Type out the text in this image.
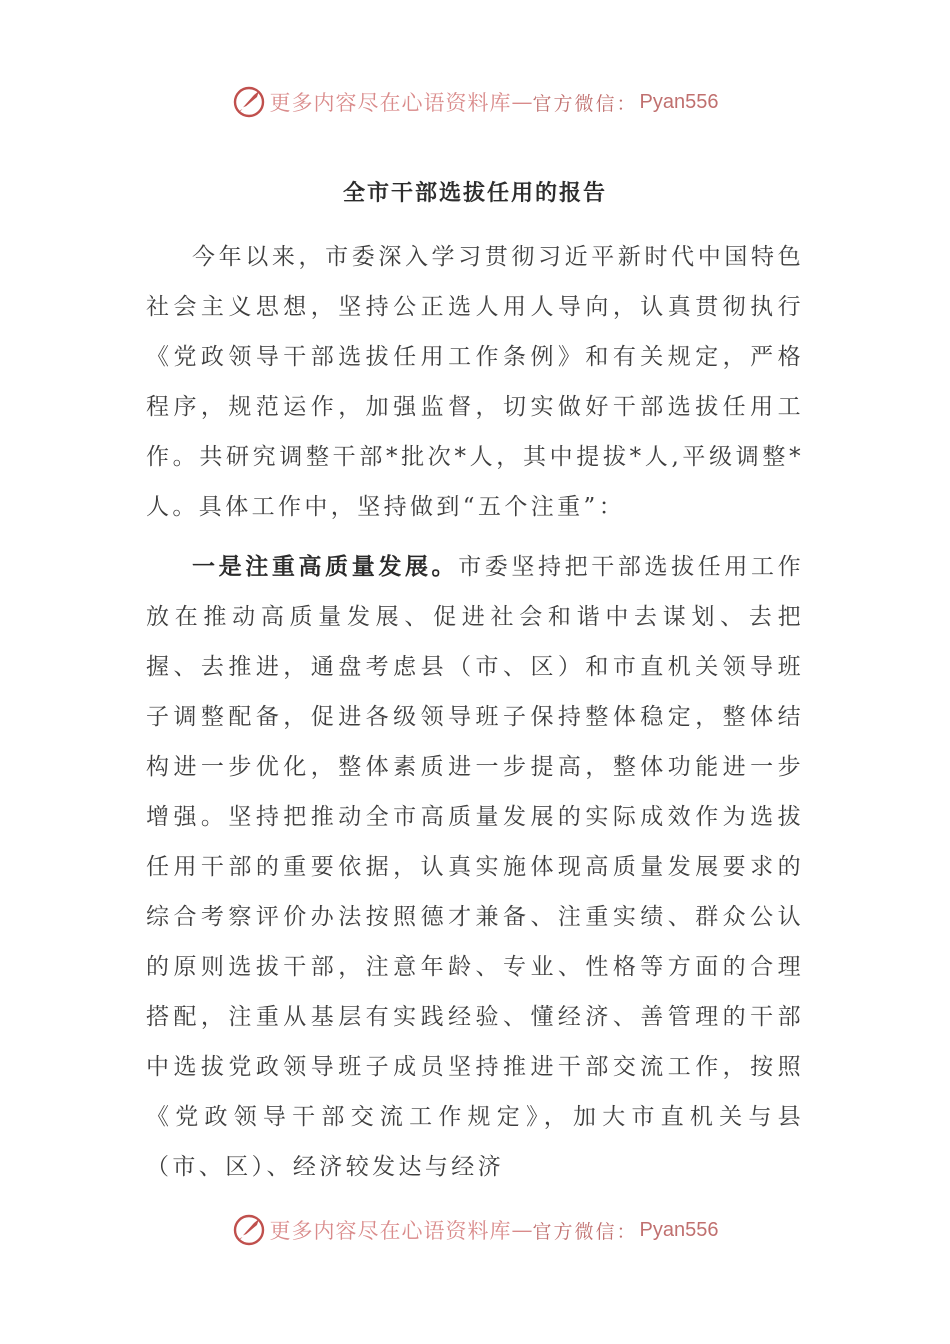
更多内容尽在心语资料库 — 官方微信： Pyan556
全市干部选拔任用的报告

今年以来，市委深入学习贯彻习近平新时代中国特色社会主义思想，坚持公正选人用人导向，认真贯彻执行《党政领导干部选拔任用工作条例》和有关规定，严格程序，规范运作，加强监督，切实做好干部选拔任用工作。共研究调整干部*批次*人，其中提拔*人,平级调整*人。具体工作中，坚持做到“五个注重”：

一是注重高质量发展。市委坚持把干部选拔任用工作放在推动高质量发展、促进社会和谐中去谋划、去把握、去推进，通盘考虑县（市、区）和市直机关领导班子调整配备，促进各级领导班子保持整体稳定，整体结构进一步优化，整体素质进一步提高，整体功能进一步增强。坚持把推动全市高质量发展的实际成效作为选拔任用干部的重要依据，认真实施体现高质量发展要求的综合考察评价办法按照德才兼备、注重实绩、群众公认的原则选拔干部，注意年龄、专业、性格等方面的合理搭配，注重从基层有实践经验、懂经济、善管理的干部中选拔党政领导班子成员坚持推进干部交流工作，按照《党政领导干部交流工作规定》，加大市直机关与县（市、区）、经济较发达与经济

更多内容尽在心语资料库 — 官方微信： Pyan556
